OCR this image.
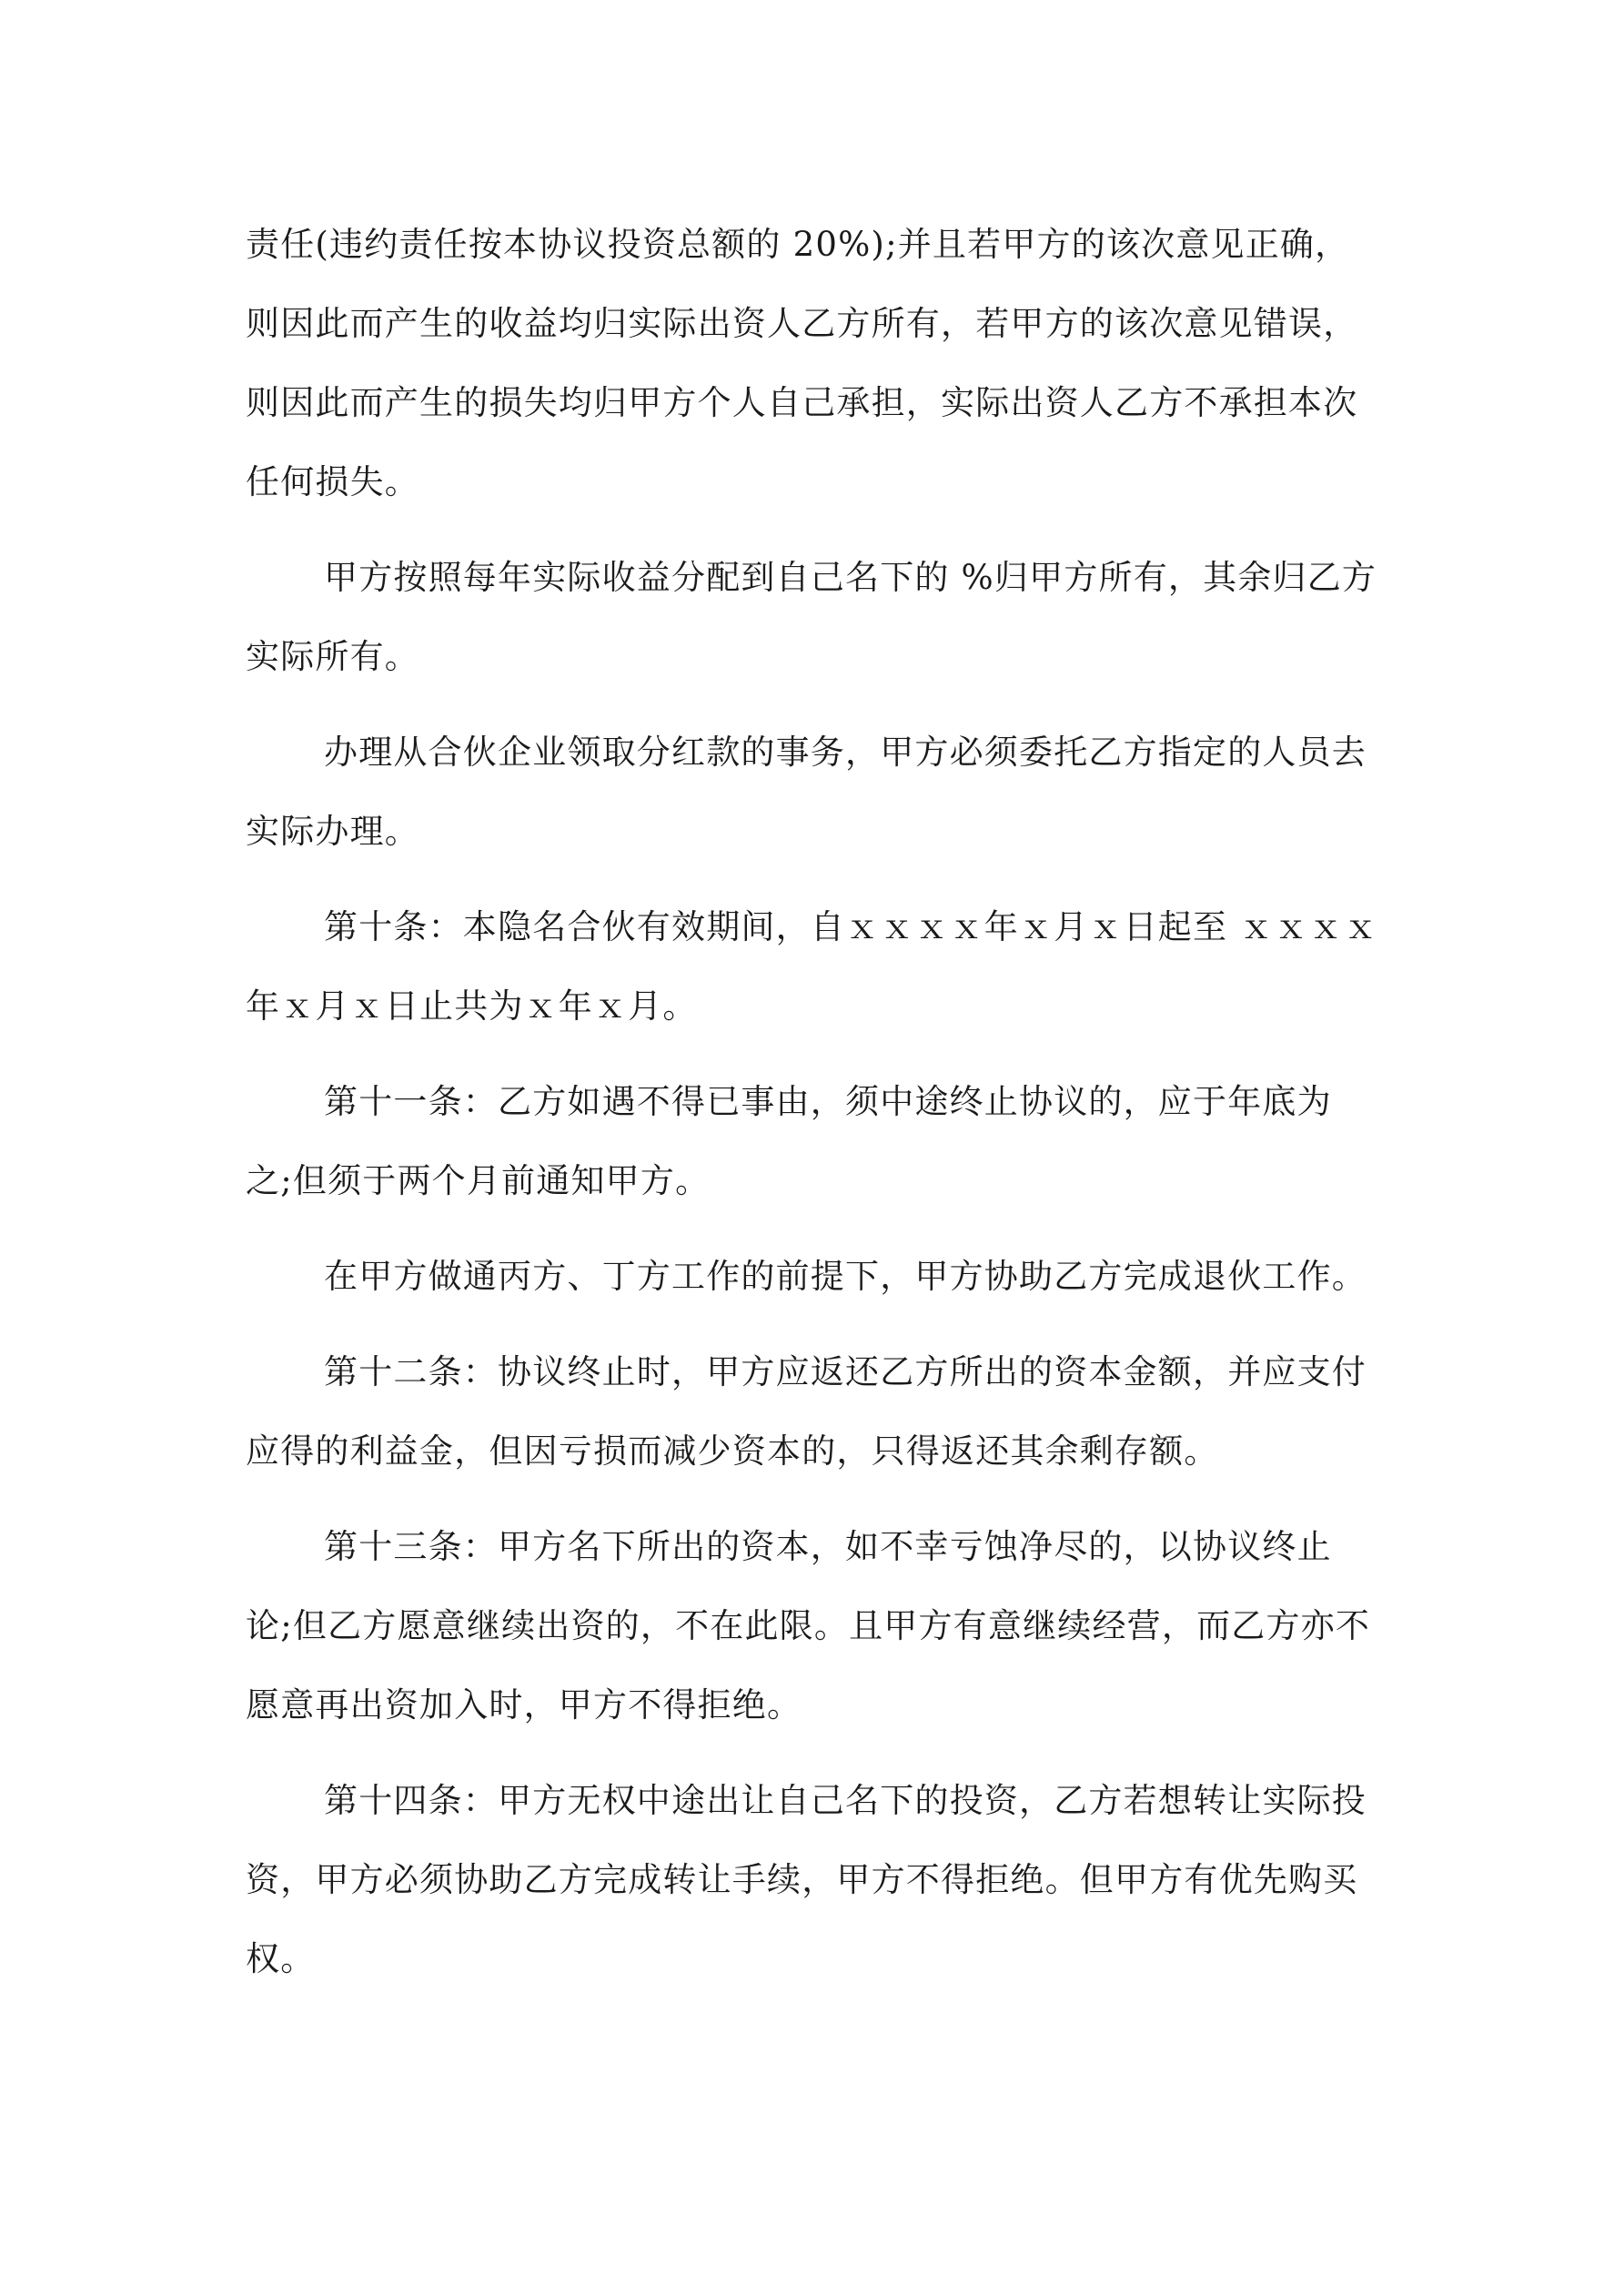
责任(违约责任按本协议投资总额的 20%);并且若甲方的该次意见正确，则因此而产生的收益均归实际出资人乙方所有，若甲方的该次意见错误，则因此而产生的损失均归甲方个人自己承担，实际出资人乙方不承担本次任何损失。

甲方按照每年实际收益分配到自己名下的 %归甲方所有，其余归乙方实际所有。

办理从合伙企业领取分红款的事务，甲方必须委托乙方指定的人员去实际办理。

第十条：本隐名合伙有效期间，自ｘｘｘｘ年ｘ月ｘ日起至 ｘｘｘｘ年ｘ月ｘ日止共为ｘ年ｘ月。

第十一条：乙方如遇不得已事由，须中途终止协议的，应于年底为之;但须于两个月前通知甲方。

在甲方做通丙方、丁方工作的前提下，甲方协助乙方完成退伙工作。

第十二条：协议终止时，甲方应返还乙方所出的资本金额，并应支付应得的利益金，但因亏损而减少资本的，只得返还其余剩存额。

第十三条：甲方名下所出的资本，如不幸亏蚀净尽的，以协议终止论;但乙方愿意继续出资的，不在此限。且甲方有意继续经营，而乙方亦不愿意再出资加入时，甲方不得拒绝。

第十四条：甲方无权中途出让自己名下的投资，乙方若想转让实际投资，甲方必须协助乙方完成转让手续，甲方不得拒绝。但甲方有优先购买权。
